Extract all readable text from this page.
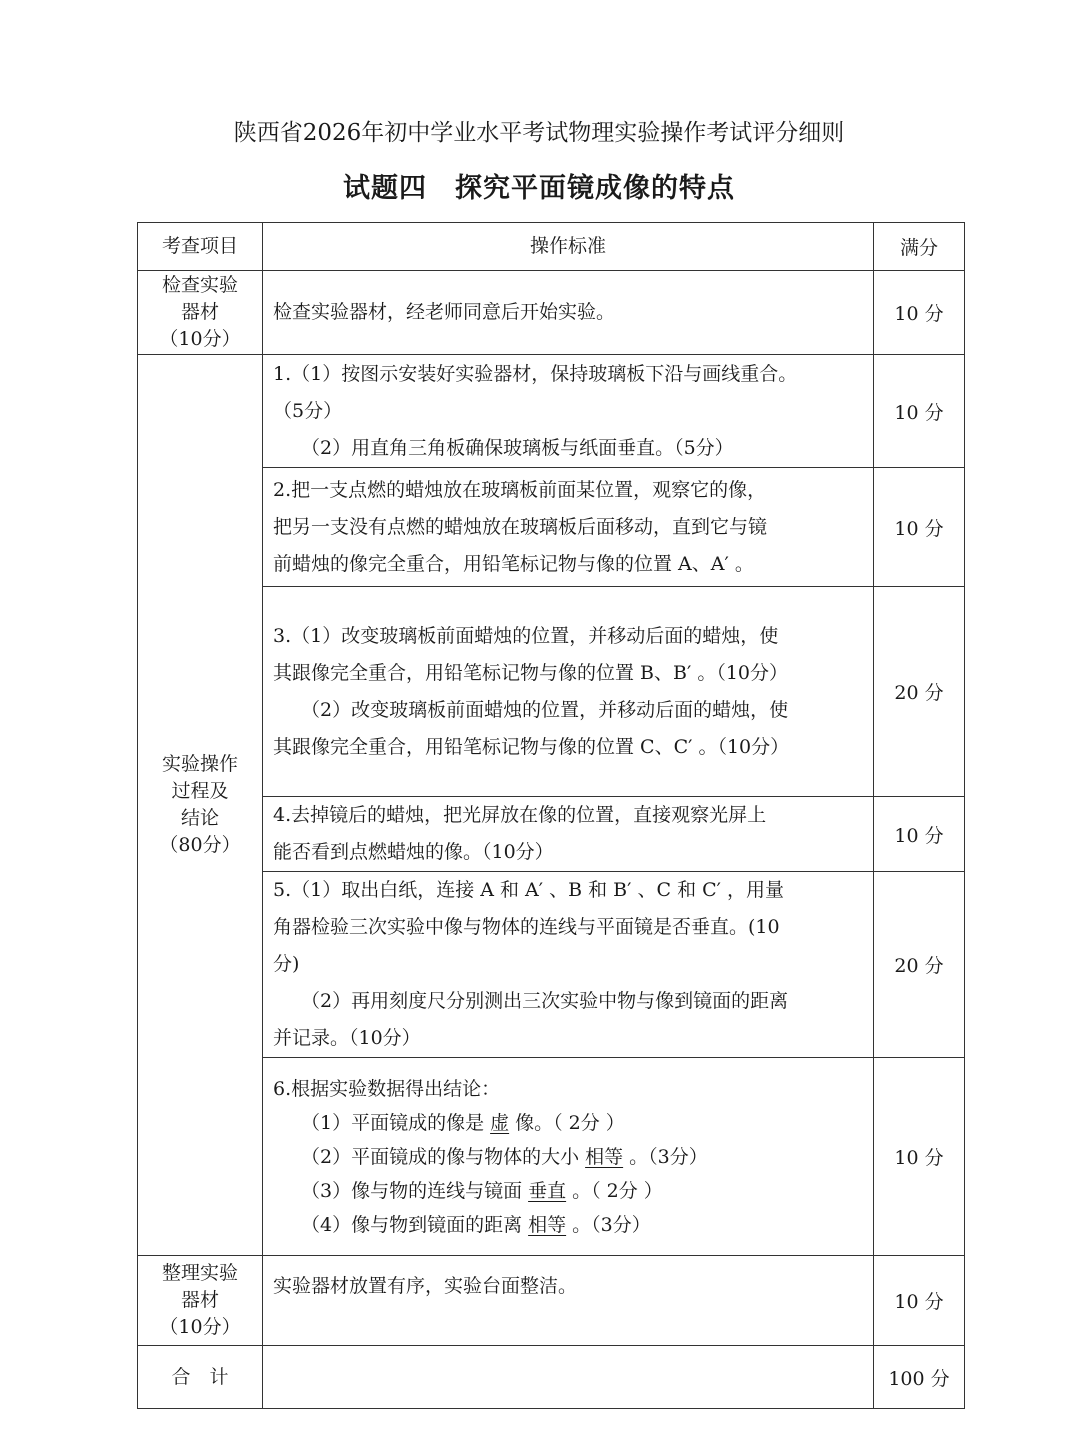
陕西省2026年初中学业水平考试物理实验操作考试评分细则
试题四　探究平面镜成像的特点
考查项目	操作标准	满分

检查实验
器材
（10分）	检查实验器材，经老师同意后开始实验。	10 分

实验操作
过程及
结论
（80分）	1.（1）按图示安装好实验器材，保持玻璃板下沿与画线重合。
（5分）
（2）用直角三角板确保玻璃板与纸面垂直。（5分）	10 分

	2.把一支点燃的蜡烛放在玻璃板前面某位置，观察它的像，
把另一支没有点燃的蜡烛放在玻璃板后面移动，直到它与镜
前蜡烛的像完全重合，用铅笔标记物与像的位置 A、A′ 。	10 分

	3.（1）改变玻璃板前面蜡烛的位置，并移动后面的蜡烛，使
其跟像完全重合，用铅笔标记物与像的位置 B、B′ 。（10分）
（2）改变玻璃板前面蜡烛的位置，并移动后面的蜡烛，使
其跟像完全重合，用铅笔标记物与像的位置 C、C′ 。（10分）	20 分

	4.去掉镜后的蜡烛，把光屏放在像的位置，直接观察光屏上
能否看到点燃蜡烛的像。（10分）	10 分

	5.（1）取出白纸，连接 A 和 A′ 、B 和 B′ 、C 和 C′ ，用量
角器检验三次实验中像与物体的连线与平面镜是否垂直。(10
分)
（2）再用刻度尺分别测出三次实验中物与像到镜面的距离
并记录。（10分）	20 分

	6.根据实验数据得出结论：
（1）平面镜成的像是 虚 像。（ 2分 ）
（2）平面镜成的像与物体的大小 相等 。（3分）
（3）像与物的连线与镜面 垂直 。（ 2分 ）
（4）像与物到镜面的距离 相等 。（3分）	10 分

整理实验
器材
（10分）	实验器材放置有序，实验台面整洁。	10 分
合　计		100 分
